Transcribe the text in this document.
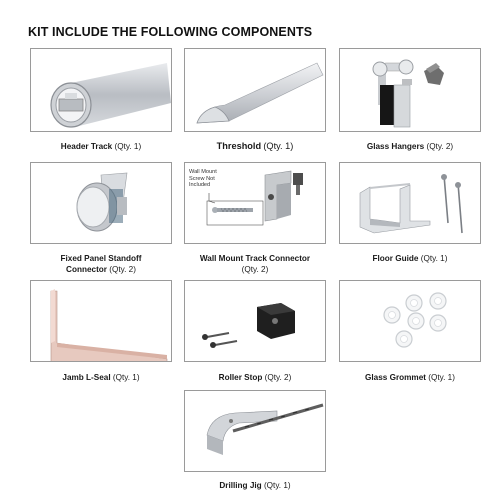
KIT INCLUDE THE FOLLOWING COMPONENTS
Header Track (Qty. 1)	Threshold (Qty. 1)	Glass Hangers (Qty. 2)
Fixed Panel Standoff
Connector (Qty. 2)
Wall Mount
Screw Not
Included
Wall Mount Track Connector
(Qty. 2)
Floor Guide (Qty. 1)
Jamb L-Seal (Qty. 1)	Roller Stop (Qty. 2)	Glass Grommet (Qty. 1)
Drilling Jig (Qty. 1)
